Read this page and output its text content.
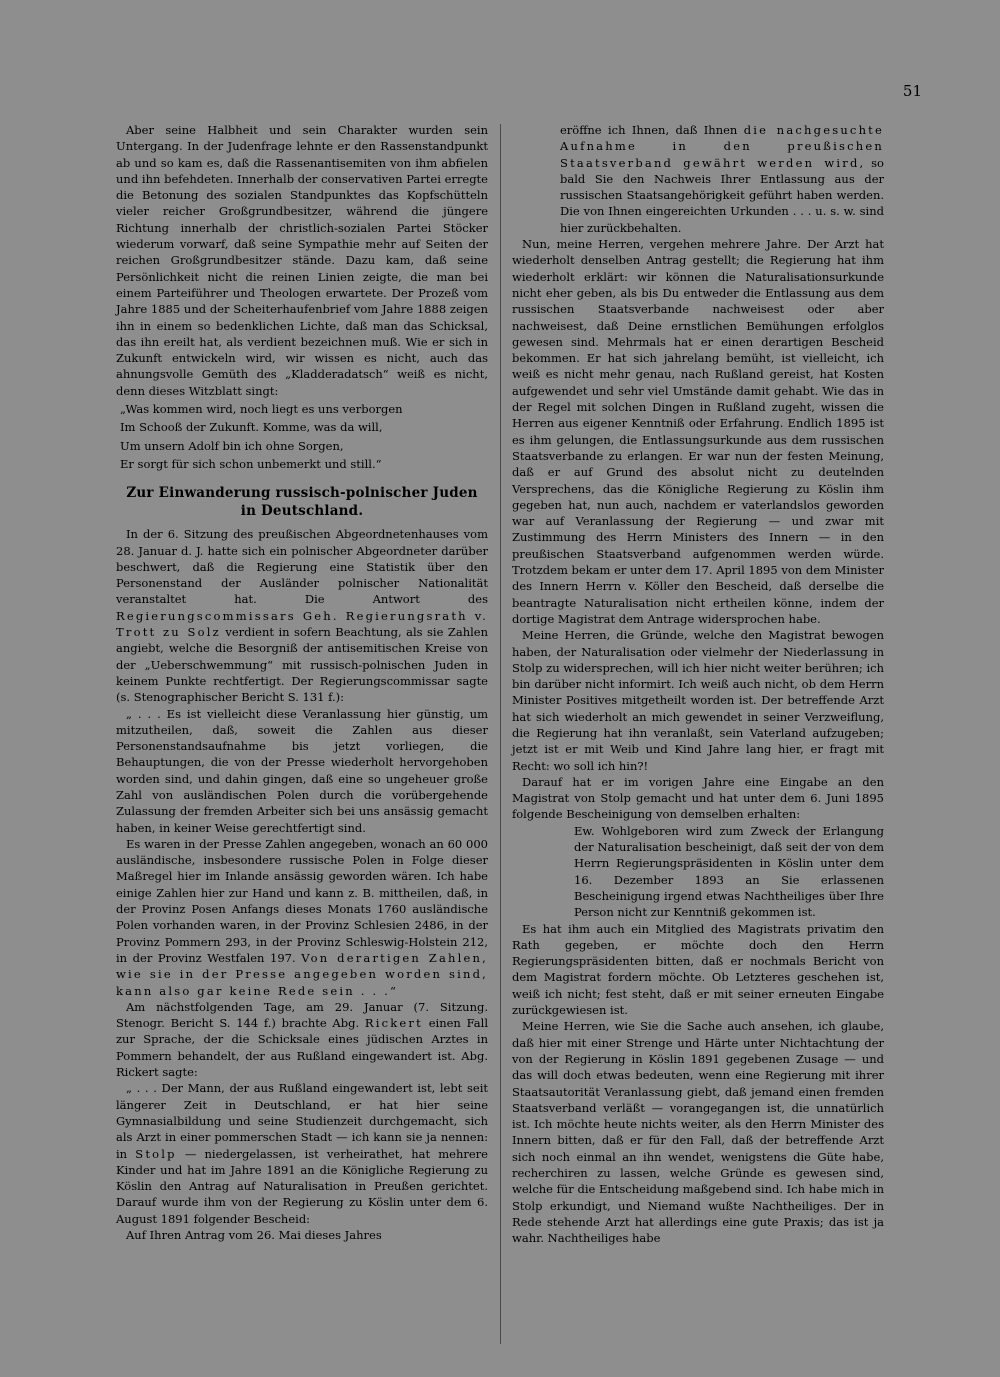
51

Aber seine Halbheit und sein Charakter wurden sein Untergang. In der Judenfrage lehnte er den Rassenstandpunkt ab und so kam es, daß die Rassenantisemiten von ihm abfielen und ihn befehdeten. Innerhalb der conservativen Partei erregte die Betonung des sozialen Standpunktes das Kopfschütteln vieler reicher Großgrundbesitzer, während die jüngere Richtung innerhalb der christlich-sozialen Partei Stöcker wiederum vorwarf, daß seine Sympathie mehr auf Seiten der reichen Großgrundbesitzer stände. Dazu kam, daß seine Persönlichkeit nicht die reinen Linien zeigte, die man bei einem Parteiführer und Theologen erwartete. Der Prozeß vom Jahre 1885 und der Scheiterhaufenbrief vom Jahre 1888 zeigen ihn in einem so bedenklichen Lichte, daß man das Schicksal, das ihn ereilt hat, als verdient bezeichnen muß. Wie er sich in Zukunft entwickeln wird, wir wissen es nicht, auch das ahnungsvolle Gemüth des „Kladderadatsch“ weiß es nicht, denn dieses Witzblatt singt:

„Was kommen wird, noch liegt es uns verborgen

Im Schooß der Zukunft. Komme, was da will,

Um unsern Adolf bin ich ohne Sorgen,

Er sorgt für sich schon unbemerkt und still.“

Zur Einwanderung russisch-polnischer Juden
in Deutschland.

In der 6. Sitzung des preußischen Abgeordnetenhauses vom 28. Januar d. J. hatte sich ein polnischer Abgeordneter darüber beschwert, daß die Regierung eine Statistik über den Personenstand der Ausländer polnischer Nationalität veranstaltet hat. Die Antwort des Regierungscommissars Geh. Regierungsrath v. Trott zu Solz verdient in sofern Beachtung, als sie Zahlen angiebt, welche die Besorgniß der antisemitischen Kreise von der „Ueberschwemmung“ mit russisch-polnischen Juden in keinem Punkte rechtfertigt. Der Regierungscommissar sagte (s. Stenographischer Bericht S. 131 f.):

„ . . . Es ist vielleicht diese Veranlassung hier günstig, um mitzutheilen, daß, soweit die Zahlen aus dieser Personenstandsaufnahme bis jetzt vorliegen, die Behauptungen, die von der Presse wiederholt hervorgehoben worden sind, und dahin gingen, daß eine so ungeheuer große Zahl von ausländischen Polen durch die vorübergehende Zulassung der fremden Arbeiter sich bei uns ansässig gemacht haben, in keiner Weise gerechtfertigt sind.

Es waren in der Presse Zahlen angegeben, wonach an 60 000 ausländische, insbesondere russische Polen in Folge dieser Maßregel hier im Inlande ansässig geworden wären. Ich habe einige Zahlen hier zur Hand und kann z. B. mittheilen, daß, in der Provinz Posen Anfangs dieses Monats 1760 ausländische Polen vorhanden waren, in der Provinz Schlesien 2486, in der Provinz Pommern 293, in der Provinz Schleswig-Holstein 212, in der Provinz Westfalen 197. Von derartigen Zahlen, wie sie in der Presse angegeben worden sind, kann also gar keine Rede sein . . .“

Am nächstfolgenden Tage, am 29. Januar (7. Sitzung. Stenogr. Bericht S. 144 f.) brachte Abg. Rickert einen Fall zur Sprache, der die Schicksale eines jüdischen Arztes in Pommern behandelt, der aus Rußland eingewandert ist. Abg. Rickert sagte:

„ . . . Der Mann, der aus Rußland eingewandert ist, lebt seit längerer Zeit in Deutschland, er hat hier seine Gymnasialbildung und seine Studienzeit durchgemacht, sich als Arzt in einer pommerschen Stadt — ich kann sie ja nennen: in Stolp — niedergelassen, ist verheirathet, hat mehrere Kinder und hat im Jahre 1891 an die Königliche Regierung zu Köslin den Antrag auf Naturalisation in Preußen gerichtet. Darauf wurde ihm von der Regierung zu Köslin unter dem 6. August 1891 folgender Bescheid:

Auf Ihren Antrag vom 26. Mai dieses Jahres

eröffne ich Ihnen, daß Ihnen die nachgesuchte Aufnahme in den preußischen Staatsverband gewährt werden wird, so bald Sie den Nachweis Ihrer Entlassung aus der russischen Staatsangehörigkeit geführt haben werden. Die von Ihnen eingereichten Urkunden . . . u. s. w. sind hier zurückbehalten.

Nun, meine Herren, vergehen mehrere Jahre. Der Arzt hat wiederholt denselben Antrag gestellt; die Regierung hat ihm wiederholt erklärt: wir können die Naturalisationsurkunde nicht eher geben, als bis Du entweder die Entlassung aus dem russischen Staatsverbande nachweisest oder aber nachweisest, daß Deine ernstlichen Bemühungen erfolglos gewesen sind. Mehrmals hat er einen derartigen Bescheid bekommen. Er hat sich jahrelang bemüht, ist vielleicht, ich weiß es nicht mehr genau, nach Rußland gereist, hat Kosten aufgewendet und sehr viel Umstände damit gehabt. Wie das in der Regel mit solchen Dingen in Rußland zugeht, wissen die Herren aus eigener Kenntniß oder Erfahrung. Endlich 1895 ist es ihm gelungen, die Entlassungsurkunde aus dem russischen Staatsverbande zu erlangen. Er war nun der festen Meinung, daß er auf Grund des absolut nicht zu deutelnden Versprechens, das die Königliche Regierung zu Köslin ihm gegeben hat, nun auch, nachdem er vaterlandslos geworden war auf Veranlassung der Regierung — und zwar mit Zustimmung des Herrn Ministers des Innern — in den preußischen Staatsverband aufgenommen werden würde. Trotzdem bekam er unter dem 17. April 1895 von dem Minister des Innern Herrn v. Köller den Bescheid, daß derselbe die beantragte Naturalisation nicht ertheilen könne, indem der dortige Magistrat dem Antrage widersprochen habe.

Meine Herren, die Gründe, welche den Magistrat bewogen haben, der Naturalisation oder vielmehr der Niederlassung in Stolp zu widersprechen, will ich hier nicht weiter berühren; ich bin darüber nicht informirt. Ich weiß auch nicht, ob dem Herrn Minister Positives mitgetheilt worden ist. Der betreffende Arzt hat sich wiederholt an mich gewendet in seiner Verzweiflung, die Regierung hat ihn veranlaßt, sein Vaterland aufzugeben; jetzt ist er mit Weib und Kind Jahre lang hier, er fragt mit Recht: wo soll ich hin?!

Darauf hat er im vorigen Jahre eine Eingabe an den Magistrat von Stolp gemacht und hat unter dem 6. Juni 1895 folgende Bescheinigung von demselben erhalten:

Ew. Wohlgeboren wird zum Zweck der Erlangung der Naturalisation bescheinigt, daß seit der von dem Herrn Regierungspräsidenten in Köslin unter dem 16. Dezember 1893 an Sie erlassenen Bescheinigung irgend etwas Nachtheiliges über Ihre Person nicht zur Kenntniß gekommen ist.

Es hat ihm auch ein Mitglied des Magistrats privatim den Rath gegeben, er möchte doch den Herrn Regierungspräsidenten bitten, daß er nochmals Bericht von dem Magistrat fordern möchte. Ob Letzteres geschehen ist, weiß ich nicht; fest steht, daß er mit seiner erneuten Eingabe zurückgewiesen ist.

Meine Herren, wie Sie die Sache auch ansehen, ich glaube, daß hier mit einer Strenge und Härte unter Nichtachtung der von der Regierung in Köslin 1891 gegebenen Zusage — und das will doch etwas bedeuten, wenn eine Regierung mit ihrer Staatsautorität Veranlassung giebt, daß jemand einen fremden Staatsverband verläßt — vorangegangen ist, die unnatürlich ist. Ich möchte heute nichts weiter, als den Herrn Minister des Innern bitten, daß er für den Fall, daß der betreffende Arzt sich noch einmal an ihn wendet, wenigstens die Güte habe, recherchiren zu lassen, welche Gründe es gewesen sind, welche für die Entscheidung maßgebend sind. Ich habe mich in Stolp erkundigt, und Niemand wußte Nachtheiliges. Der in Rede stehende Arzt hat allerdings eine gute Praxis; das ist ja wahr. Nachtheiliges habe
